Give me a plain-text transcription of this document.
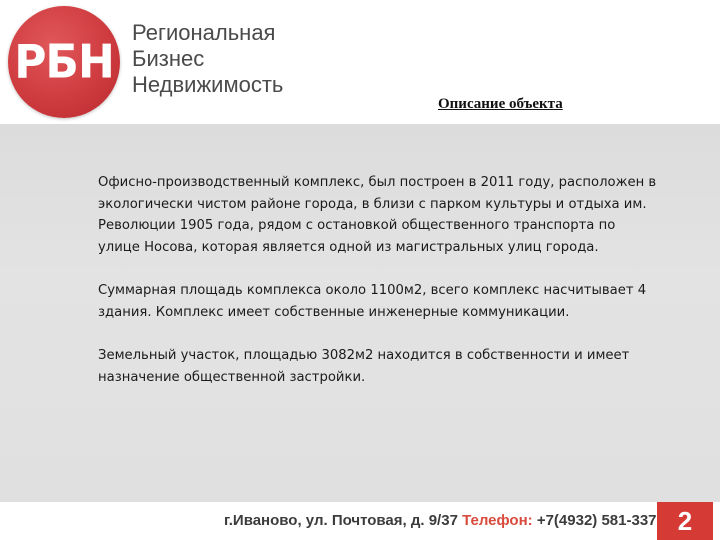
РБН
Региональная
Бизнес
Недвижимость
Описание объекта

Офисно-производственный комплекс, был построен в 2011 году, расположен в экологически чистом районе города, в близи с парком культуры и отдыха им. Революции 1905 года, рядом с остановкой общественного транспорта по улице Носова, которая является одной из магистральных улиц города.

Суммарная площадь комплекса около 1100м2, всего комплекс насчитывает 4 здания. Комплекс имеет собственные инженерные коммуникации.

Земельный участок, площадью 3082м2 находится в собственности и имеет назначение общественной застройки.

г.Иваново, ул. Почтовая, д. 9/37 Телефон: +7(4932) 581-337 2
